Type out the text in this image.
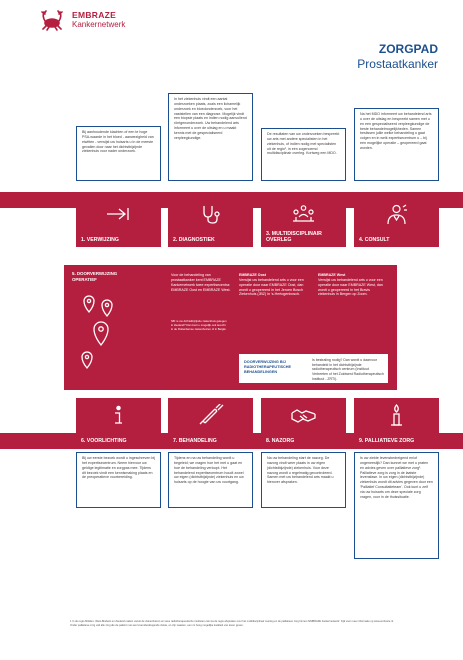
EMBRAZE
Kankernetwerk
ZORGPAD
Prostaatkanker
Bij aanhoudende klachten of een te hoge PSA-waarde in het bloed - aanwezigheid van eiwitten - verwijst uw huisarts u in de meeste gevallen door naar het dichtstbijzijnde ziekenhuis voor nader onderzoek.
1. VERWIJZING
In het ziekenhuis vindt een aantal onderzoeken plaats, zoals een lichamelijk onderzoek en bloedonderzoek, voor het vaststellen van een diagnose. Mogelijk vindt een biopsie plaats en indien nodig aanvullend röntgenonderzoek. Uw behandelend arts informeert u over de uitslag en u maakt kennis met de gespecialiseerd verpleegkundige.
2. DIAGNOSTIEK
De resultaten van uw onderzoeken bespreekt uw arts met andere specialisten in het ziekenhuis, of indien nodig met specialisten uit de regio¹, in een zogenoemd multidisciplinair overleg. Kortweg een MDO.
3. MULTIDISCIPLINAIR OVERLEG
Na het MDO informeert uw behandelend arts u over de uitslag en bespreekt samen met u en een gespecialiseerd verpleegkundige de beste behandelmogelijkheden. Samen beslissen jullie welke behandeling u gaat volgen en in welk expertisecentrum u – bij een mogelijke operatie – geopereerd gaat worden.
4. CONSULT
5. DOORVERWIJZING OPERATIEF
Voor de behandeling van prostaatkanker kent EMBRAZE Kankernetwerk twee expertisecentra: EMBRAZE Oost en EMBRAZE West.
NB: is uw dichtstbijzijnde ziekenhuis gelegen in Zeeland? Dan kunt u mogelijk ook terecht in de Rotterdamse ziekenhuizen of in België.
EMBRAZE Oost
Verwijst uw behandelend arts u voor een operatie door naar EMBRAZE Oost, dan wordt u geopereerd in het Jeroen Bosch Ziekenhuis (JBZ) in 's-Hertogenbosch.
EMBRAZE West
Verwijst uw behandelend arts u voor een operatie door naar EMBRAZE West, dan wordt u geopereerd in het Bravis ziekenhuis in Bergen op Zoom.
DOORVERWIJZING BIJ RADIOTHERAPEUTISCHE BEHANDELINGEN
Is bestraling nodig? Dan wordt u daarvoor behandeld in het dichtstbijzijnde radiotherapeutisch centrum (Instituut Verbeeten of het Zuidwest Radiotherapeutisch Instituut - ZRTI).
6. VOORLICHTING
Bij uw eerste bezoek wordt u ingeschreven bij het expertisecentrum. Neem hiervoor uw geldige legitimatie en zorgpas mee. Tijdens dit bezoek vindt een kennismaking plaats en de preoperatieve voorbereiding.
7. BEHANDELING
Tijdens en na uw behandeling wordt u begeleid; we vragen hoe het met u gaat en hoe de behandeling verloopt. Het behandelend expertisecentrum houdt zowel uw eigen (dichtstbijzijnde) ziekenhuis en uw huisarts op de hoogte van uw voortgang.
8. NAZORG
Na uw behandeling start de nazorg. De nazorg vindt weer plaats in uw eigen (dichtstbijzijnde) ziekenhuis. Voor deze nazorg wordt u regelmatig gecontroleerd. Samen met uw behandelend arts maakt u hierover afspraken.
9. PALLIATIEVE ZORG
Is uw ziekte levensbedreigend en/of ongeneeslijk? Dan kunnet we met u praten en advies geven over palliatieve zorg¹. Palliatieve zorg is zorg in de laatste levensfase. In uw eigen (dichtstbijzijnde) ziekenhuis wordt dit advies gegeven door een 'Palliatief Consultatieteam'. Ook kunt u zelf via uw huisarts om deze speciale zorg vragen, voor in de thuissituatie.
1 In de regio Midden- West-Brabant en Zeeland maken vanuit de ziekenhuizen en twee radiotherapeutische instituten ook via de regio afspraken over het multidisciplinair overleg en de palliatieve zorg binnen 'EMBRAZE Kankernetwerk'. Kijk voor meer informatie op www.embraze.nl.
Onder palliatieve zorg valt alle zorg die de patiënt met een levensbedreigende ziekte, en zijn naasten, een zo hoog mogelijke kwaliteit van leven geven.
